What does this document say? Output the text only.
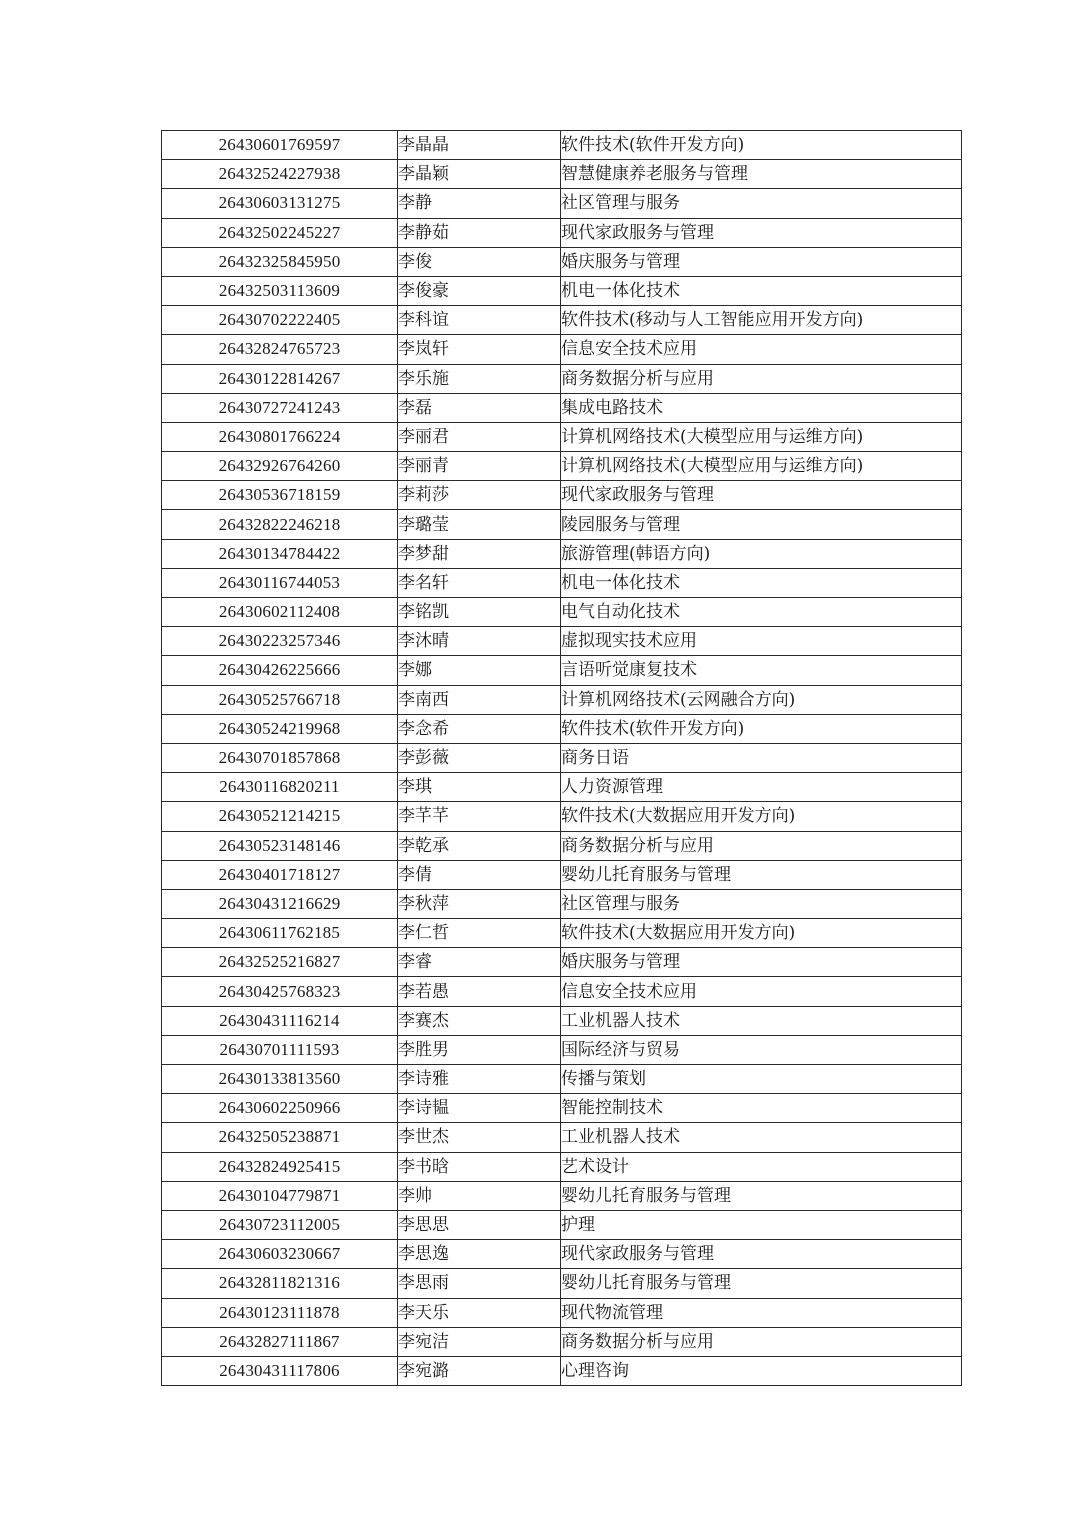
26430601769597	李晶晶	软件技术(软件开发方向)
26432524227938	李晶颖	智慧健康养老服务与管理
26430603131275	李静	社区管理与服务
26432502245227	李静茹	现代家政服务与管理
26432325845950	李俊	婚庆服务与管理
26432503113609	李俊豪	机电一体化技术
26430702222405	李科谊	软件技术(移动与人工智能应用开发方向)
26432824765723	李岚轩	信息安全技术应用
26430122814267	李乐施	商务数据分析与应用
26430727241243	李磊	集成电路技术
26430801766224	李丽君	计算机网络技术(大模型应用与运维方向)
26432926764260	李丽青	计算机网络技术(大模型应用与运维方向)
26430536718159	李莉莎	现代家政服务与管理
26432822246218	李璐莹	陵园服务与管理
26430134784422	李梦甜	旅游管理(韩语方向)
26430116744053	李名轩	机电一体化技术
26430602112408	李铭凯	电气自动化技术
26430223257346	李沐晴	虚拟现实技术应用
26430426225666	李娜	言语听觉康复技术
26430525766718	李南西	计算机网络技术(云网融合方向)
26430524219968	李念希	软件技术(软件开发方向)
26430701857868	李彭薇	商务日语
26430116820211	李琪	人力资源管理
26430521214215	李芊芊	软件技术(大数据应用开发方向)
26430523148146	李乾承	商务数据分析与应用
26430401718127	李倩	婴幼儿托育服务与管理
26430431216629	李秋萍	社区管理与服务
26430611762185	李仁哲	软件技术(大数据应用开发方向)
26432525216827	李睿	婚庆服务与管理
26430425768323	李若愚	信息安全技术应用
26430431116214	李赛杰	工业机器人技术
26430701111593	李胜男	国际经济与贸易
26430133813560	李诗雅	传播与策划
26430602250966	李诗韫	智能控制技术
26432505238871	李世杰	工业机器人技术
26432824925415	李书晗	艺术设计
26430104779871	李帅	婴幼儿托育服务与管理
26430723112005	李思思	护理
26430603230667	李思逸	现代家政服务与管理
26432811821316	李思雨	婴幼儿托育服务与管理
26430123111878	李天乐	现代物流管理
26432827111867	李宛洁	商务数据分析与应用
26430431117806	李宛潞	心理咨询
